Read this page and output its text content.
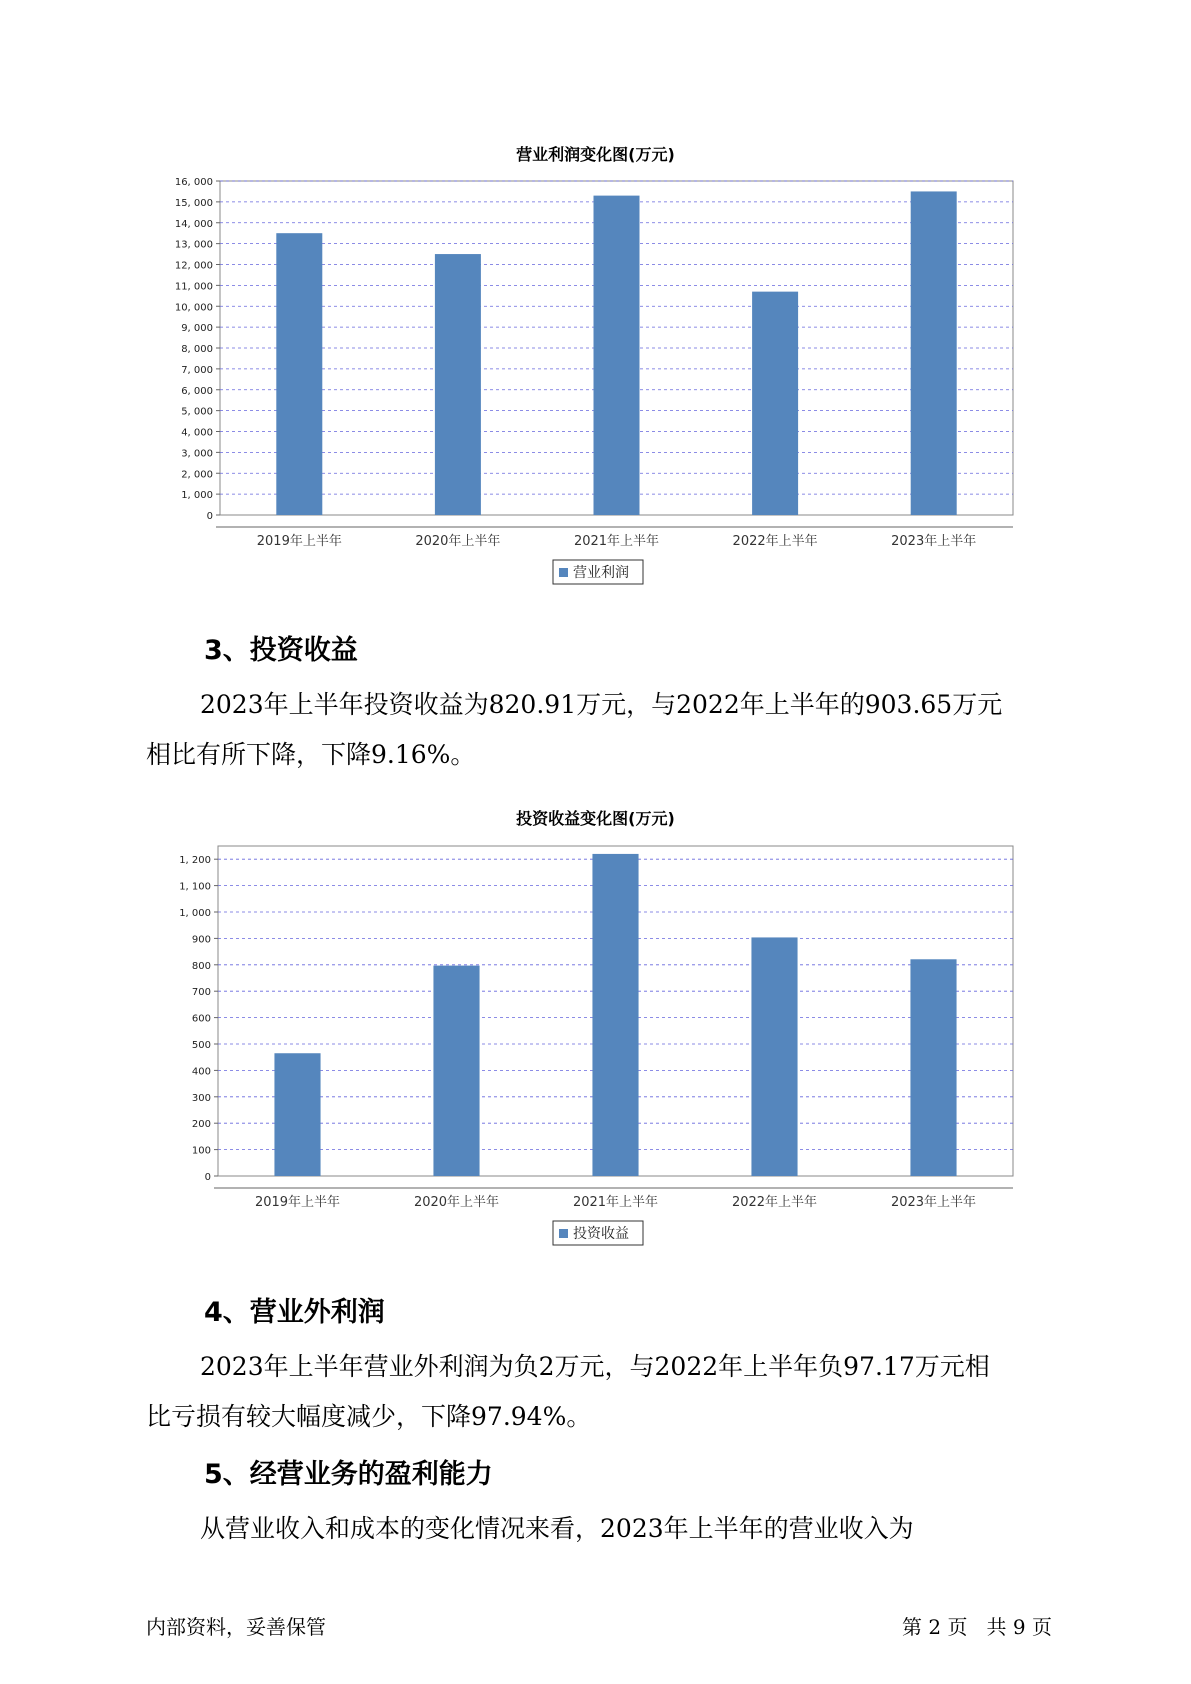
营业利润变化图(万元)
0
1, 000
2, 000
3, 000
4, 000
5, 000
6, 000
7, 000
8, 000
9, 000
10, 000
11, 000
12, 000
13, 000
14, 000
15, 000
16, 000
2019年上半年	2020年上半年	2021年上半年	2022年上半年	2023年上半年
营业利润
3、投资收益
2023年上半年投资收益为820.91万元，与2022年上半年的903.65万元
相比有所下降，下降9.16%。
投资收益变化图(万元)
0
100
200
300
400
500
600
700
800
900
1, 000
1, 100
1, 200
2019年上半年	2020年上半年	2021年上半年	2022年上半年	2023年上半年
投资收益
4、营业外利润
2023年上半年营业外利润为负2万元，与2022年上半年负97.17万元相
比亏损有较大幅度减少，下降97.94%。
5、经营业务的盈利能力
从营业收入和成本的变化情况来看，2023年上半年的营业收入为
内部资料，妥善保管	第 2 页   共 9 页
